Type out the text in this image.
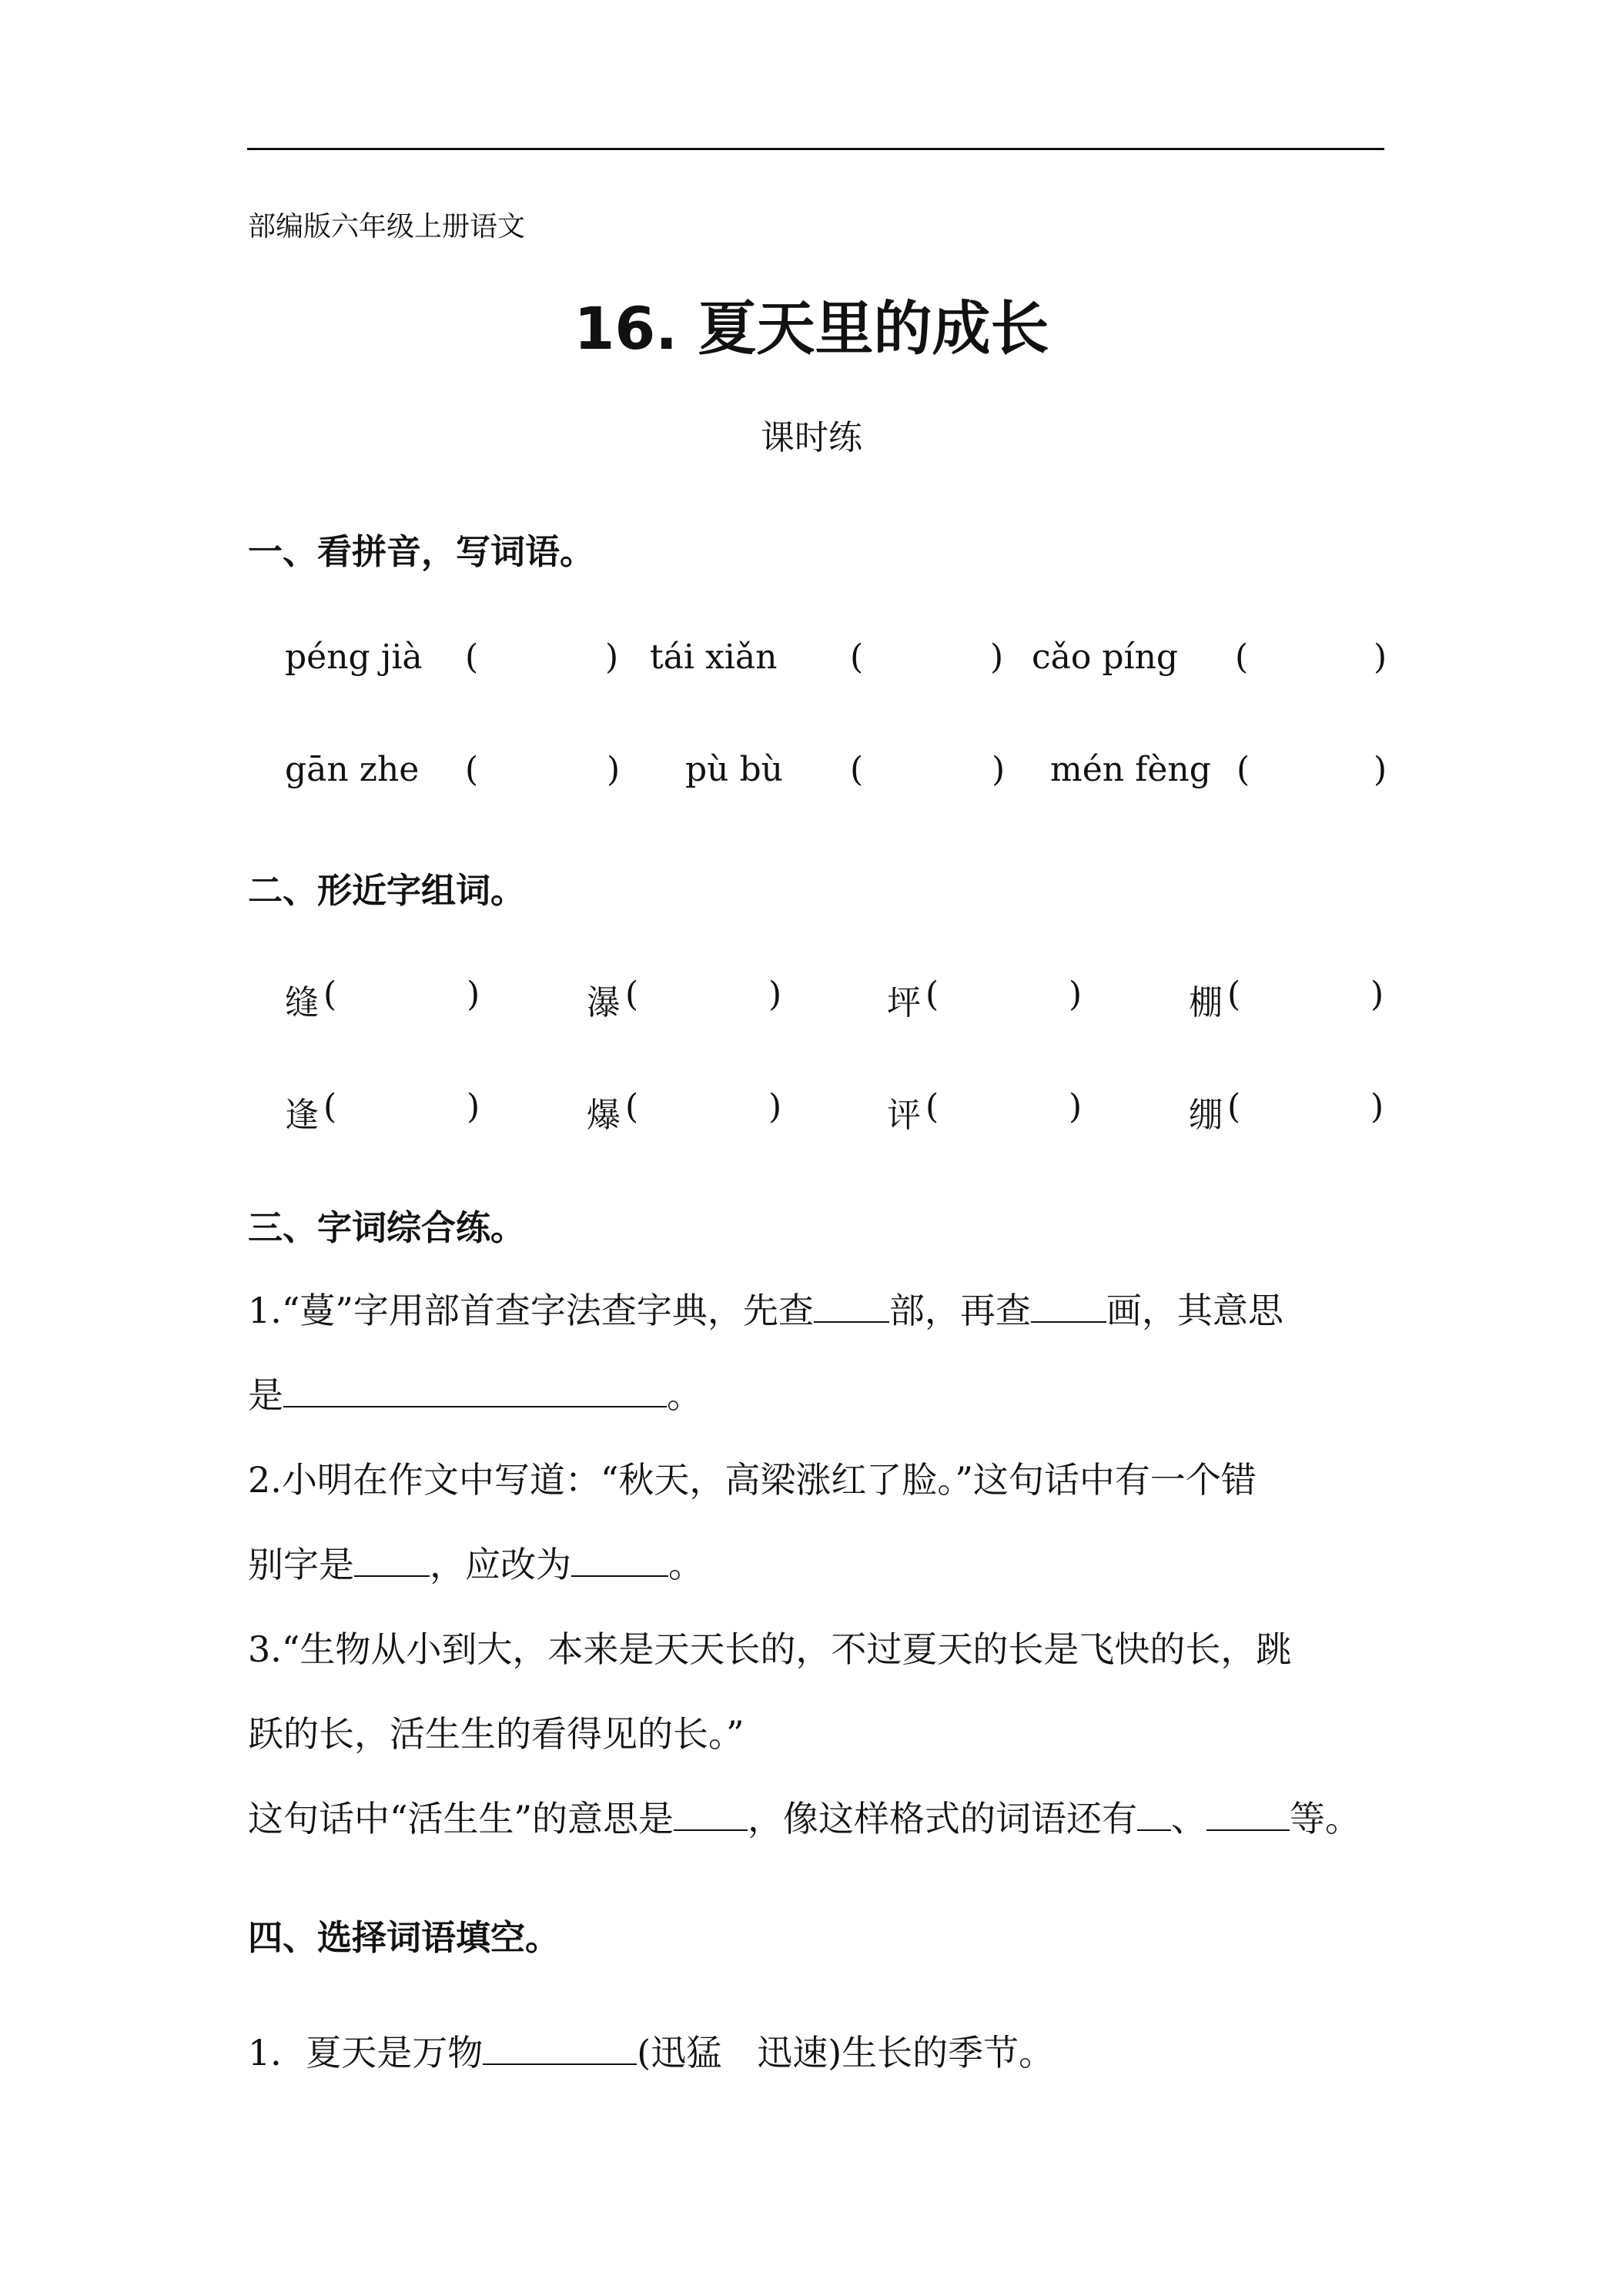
部编版六年级上册语文
16. 夏天里的成长
课时练
一、看拼音，写词语。
péng jià (	) tái xiǎn (	) cǎo píng (	)
gān zhe (	) pù bù (	) mén fèng (	)
二、形近字组词。
缝 (	)	瀑 (	)	坪 (	)	棚 (	)
逢 (	)	爆 (	)	评 (	)	绷 (	)
三、字词综合练。
1.“蔓”字用部首查字法查字典，先查 部，再查 画，其意思
是	。
2.小明在作文中写道：“秋天，高梁涨红了脸。”这句话中有一个错
别字是 ，应改为	。
3.“生物从小到大，本来是天天长的，不过夏天的长是飞快的长，跳
跃的长，活生生的看得见的长。”
这句话中“活生生”的意思是 ，像这样格式的词语还有 、 等。
四、选择词语填空。
1．夏天是万物	(迅猛　迅速)生长的季节。
